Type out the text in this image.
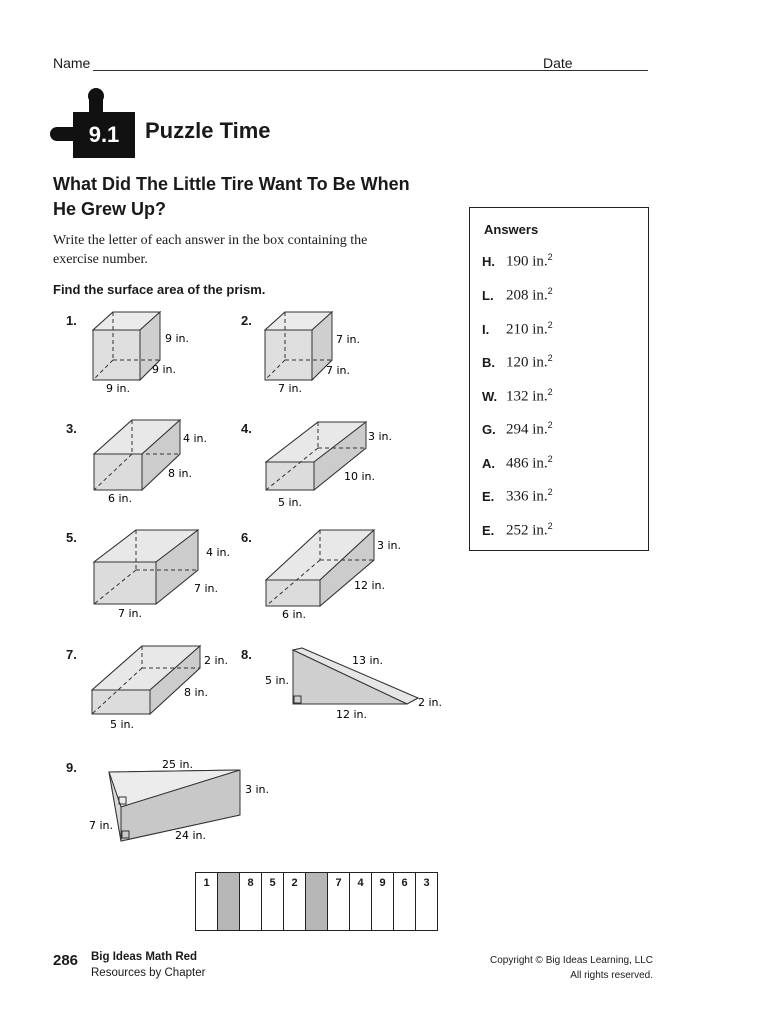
Name	Date
9.1	Puzzle Time
What Did The Little Tire Want To Be When
He Grew Up?
Write the letter of each answer in the box containing the
exercise number.
Find the surface area of the prism.
Answers
H. 190 in.$^2$
L. 208 in.$^2$
I. 210 in.$^2$
B. 120 in.$^2$
W. 132 in.$^2$
G. 294 in.$^2$
A. 486 in.$^2$
E. 336 in.$^2$
E. 252 in.$^2$
1.
9 in.
9 in.
9 in.
2.
7 in.
7 in.
7 in.
3.
4 in.
8 in.
6 in.
4.
3 in.
10 in.
5 in.
5.
4 in.
7 in.
7 in.
6.
3 in.
12 in.
6 in.
7.	2 in.
8 in.
5 in.
8.	13 in.
5 in.
2 in.
12 in.
9.	25 in.
3 in.
7 in.
24 in.
1		8	5	2		7	4	9	6	3
286 Big Ideas Math Red
Resources by Chapter
Copyright © Big Ideas Learning, LLC
All rights reserved.
